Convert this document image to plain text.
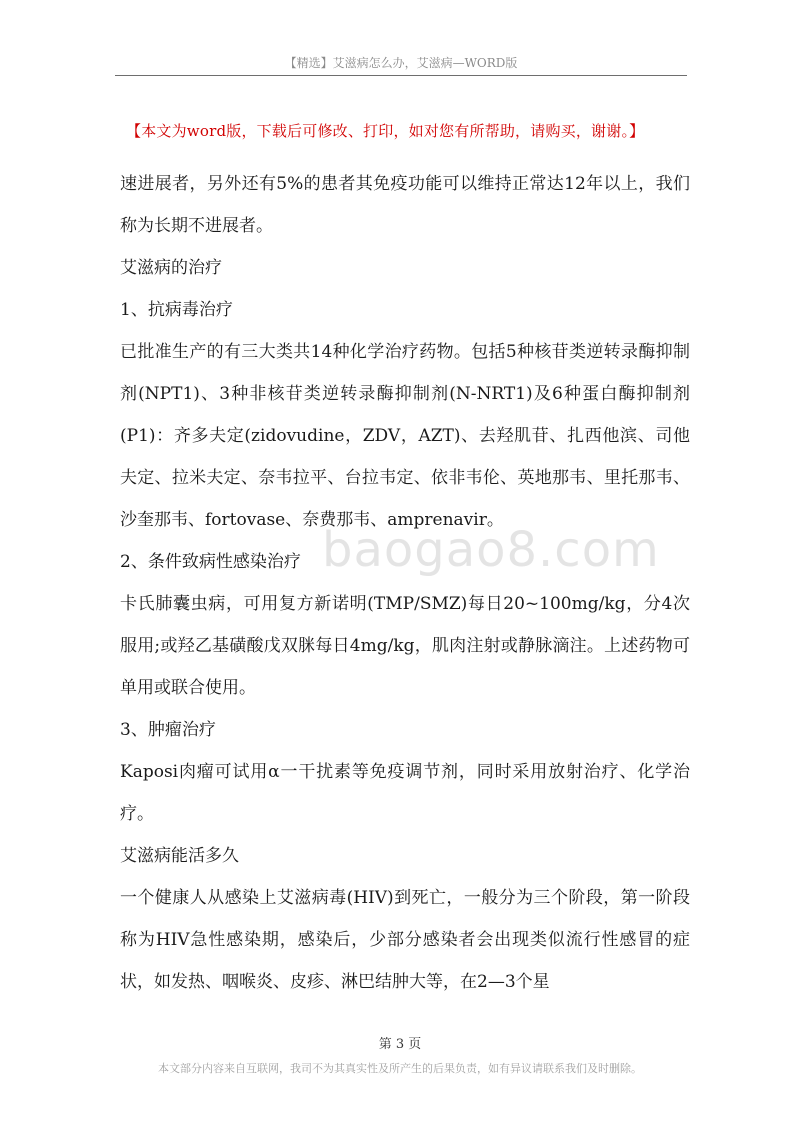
【精选】艾滋病怎么办，艾滋病—WORD版
【本文为word版，下载后可修改、打印，如对您有所帮助，请购买，谢谢。】

速进展者，另外还有5%的患者其免疫功能可以维持正常达12年以上，我们称为长期不进展者。

艾滋病的治疗

1、抗病毒治疗

已批准生产的有三大类共14种化学治疗药物。包括5种核苷类逆转录酶抑制剂(NPT1)、3种非核苷类逆转录酶抑制剂(N-NRT1)及6种蛋白酶抑制剂(P1)：齐多夫定(zidovudine，ZDV，AZT)、去羟肌苷、扎西他滨、司他夫定、拉米夫定、奈韦拉平、台拉韦定、依非韦伦、英地那韦、里托那韦、沙奎那韦、fortovase、奈费那韦、amprenavir。

2、条件致病性感染治疗

卡氏肺囊虫病，可用复方新诺明(TMP/SMZ)每日20~100mg/kg，分4次服用;或羟乙基磺酸戊双脒每日4mg/kg，肌肉注射或静脉滴注。上述药物可单用或联合使用。

3、肿瘤治疗

Kaposi肉瘤可试用α一干扰素等免疫调节剂，同时采用放射治疗、化学治疗。

艾滋病能活多久

一个健康人从感染上艾滋病毒(HIV)到死亡，一般分为三个阶段，第一阶段称为HIV急性感染期，感染后，少部分感染者会出现类似流行性感冒的症状，如发热、咽喉炎、皮疹、淋巴结肿大等，在2—3个星

baogao8.com
第 3 页
本文部分内容来自互联网，我司不为其真实性及所产生的后果负责，如有异议请联系我们及时删除。
